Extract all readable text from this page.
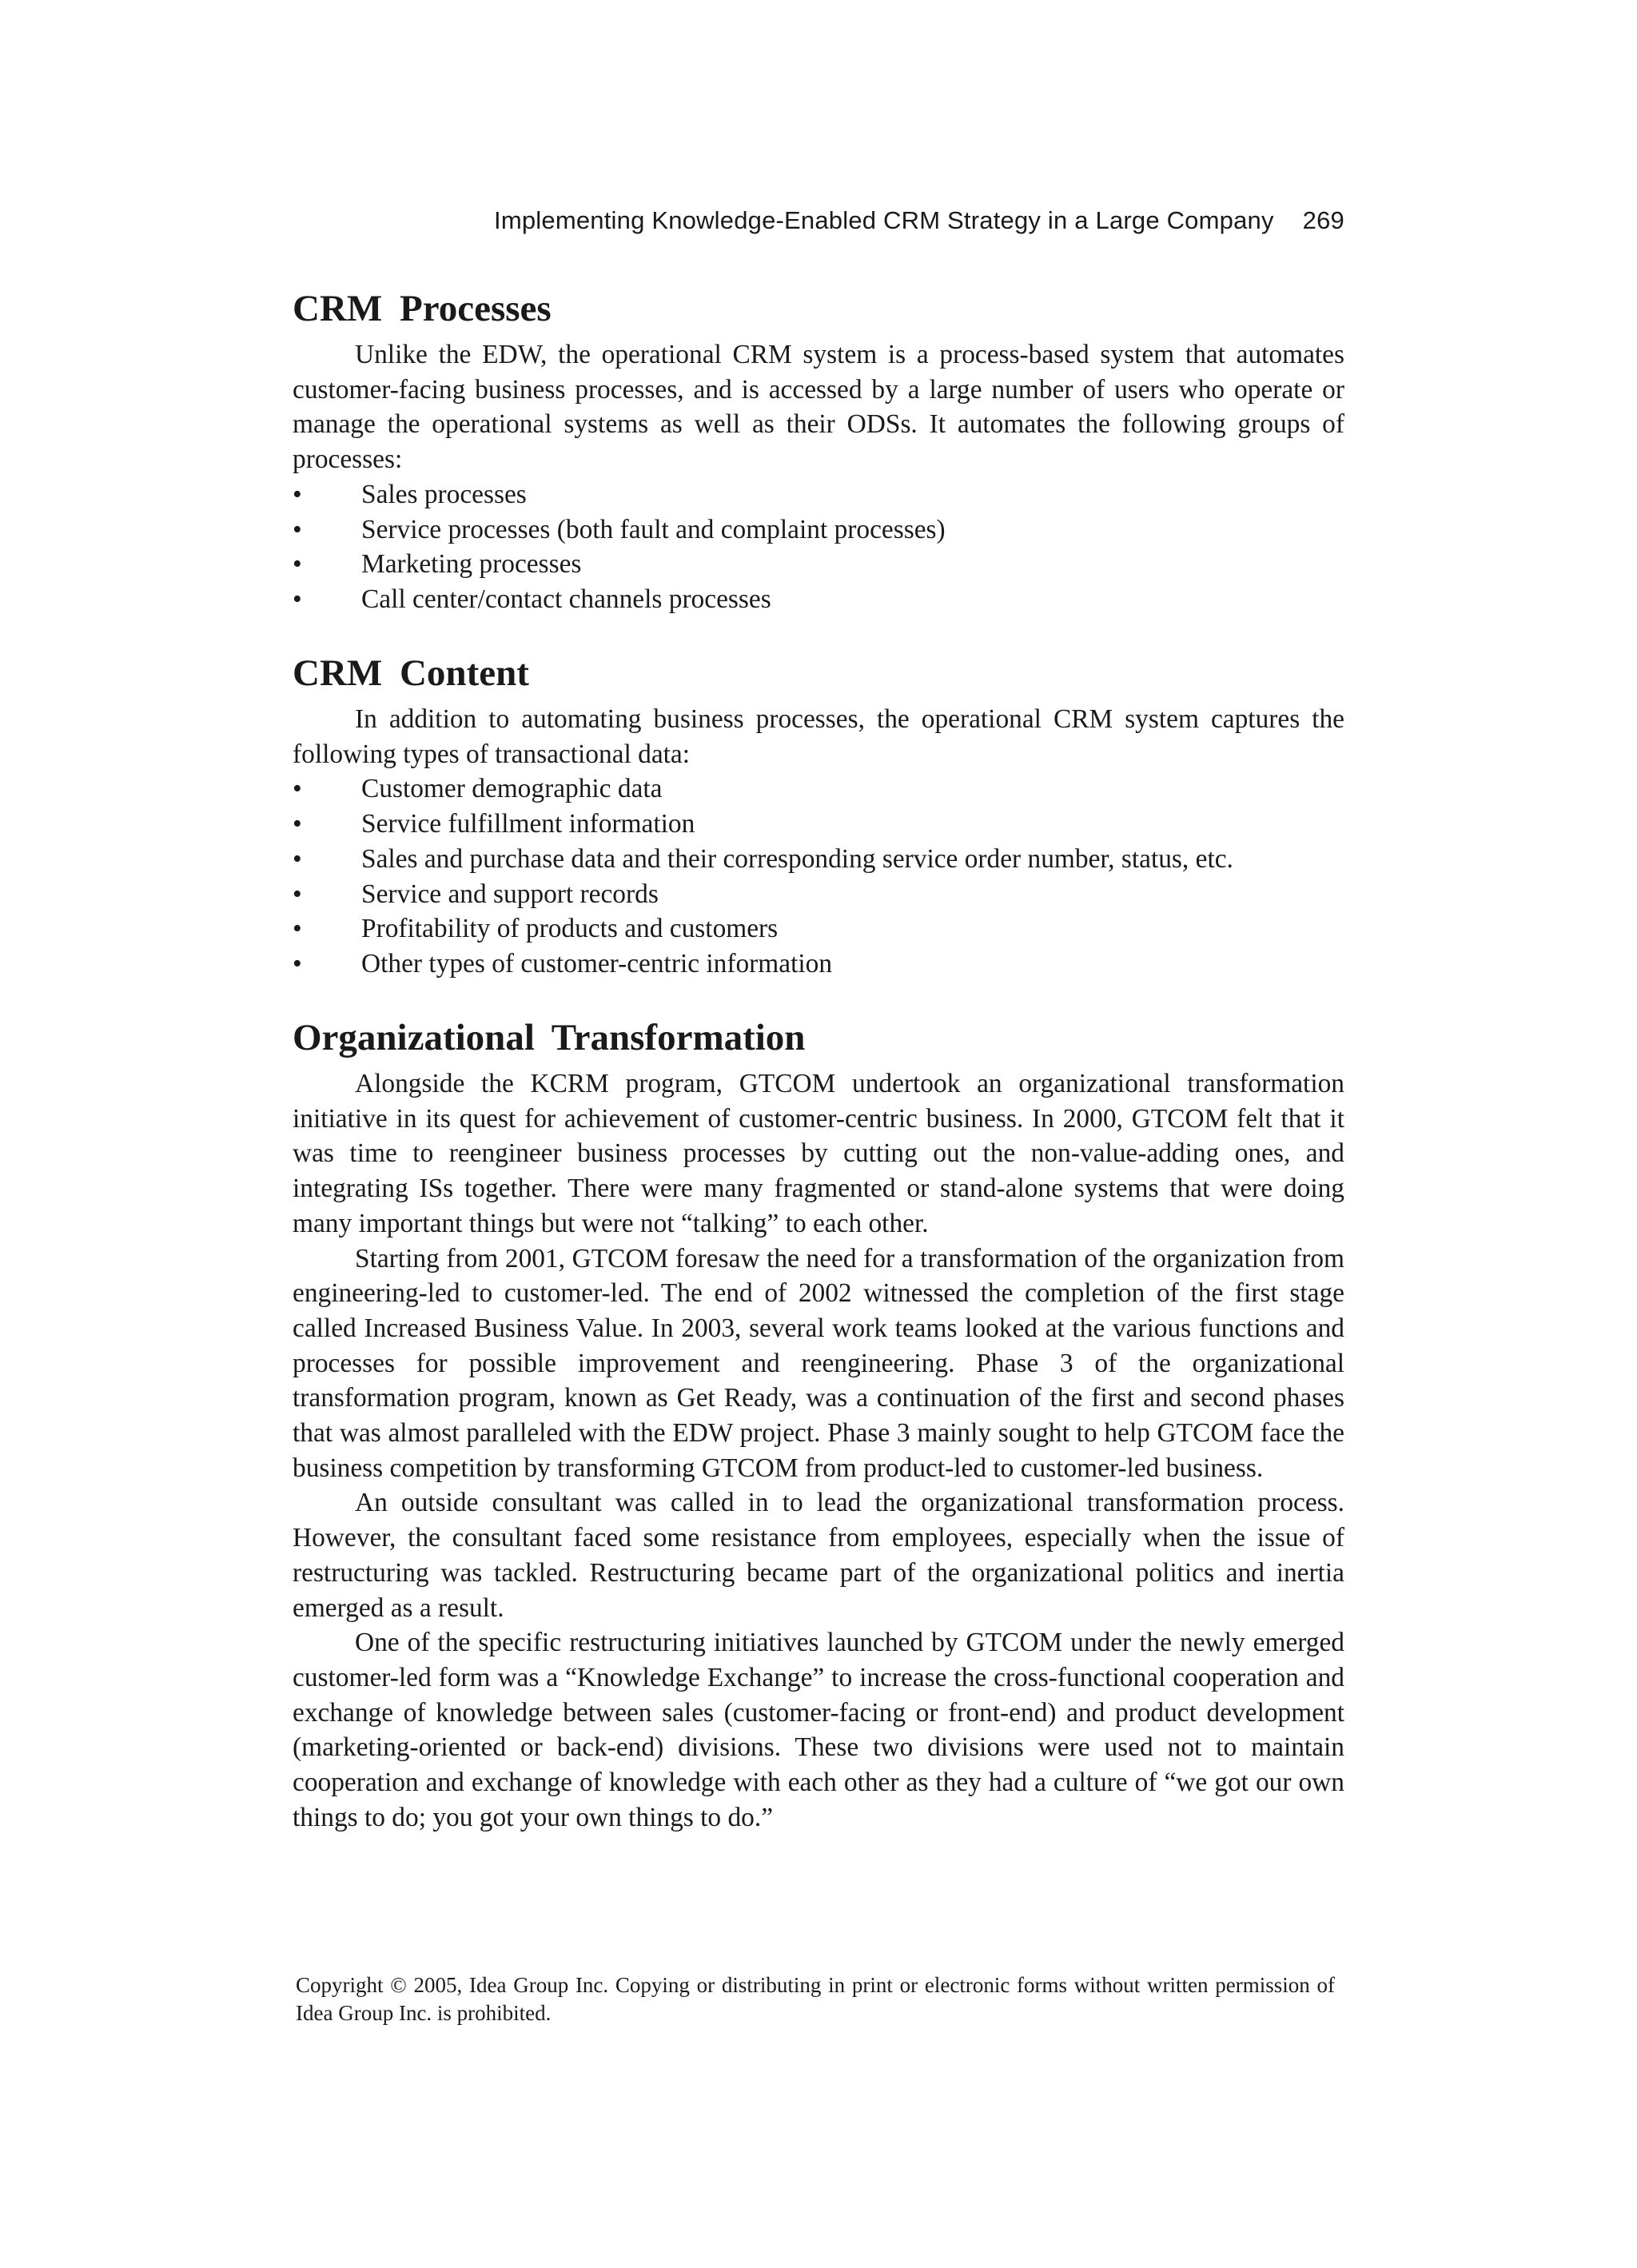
Implementing Knowledge-Enabled CRM Strategy in a Large Company 269
CRM Processes

Unlike the EDW, the operational CRM system is a process-based system that automates customer-facing business processes, and is accessed by a large number of users who operate or manage the operational systems as well as their ODSs. It automates the following groups of processes:

• Sales processes
• Service processes (both fault and complaint processes)
• Marketing processes
• Call center/contact channels processes
CRM Content

In addition to automating business processes, the operational CRM system captures the following types of transactional data:

• Customer demographic data
• Service fulfillment information
• Sales and purchase data and their corresponding service order number, status, etc.
• Service and support records
• Profitability of products and customers
• Other types of customer-centric information
Organizational Transformation

Alongside the KCRM program, GTCOM undertook an organizational transformation initiative in its quest for achievement of customer-centric business. In 2000, GTCOM felt that it was time to reengineer business processes by cutting out the non-value-adding ones, and integrating ISs together. There were many fragmented or stand-alone systems that were doing many important things but were not “talking” to each other.

Starting from 2001, GTCOM foresaw the need for a transformation of the organization from engineering-led to customer-led. The end of 2002 witnessed the completion of the first stage called Increased Business Value. In 2003, several work teams looked at the various functions and processes for possible improvement and reengineering. Phase 3 of the organizational transformation program, known as Get Ready, was a continuation of the first and second phases that was almost paralleled with the EDW project. Phase 3 mainly sought to help GTCOM face the business competition by transforming GTCOM from product-led to customer-led business.

An outside consultant was called in to lead the organizational transformation process. However, the consultant faced some resistance from employees, especially when the issue of restructuring was tackled. Restructuring became part of the organizational politics and inertia emerged as a result.

One of the specific restructuring initiatives launched by GTCOM under the newly emerged customer-led form was a “Knowledge Exchange” to increase the cross-functional cooperation and exchange of knowledge between sales (customer-facing or front-end) and product development (marketing-oriented or back-end) divisions. These two divisions were used not to maintain cooperation and exchange of knowledge with each other as they had a culture of “we got our own things to do; you got your own things to do.”

Copyright © 2005, Idea Group Inc. Copying or distributing in print or electronic forms without written permission of Idea Group Inc. is prohibited.
